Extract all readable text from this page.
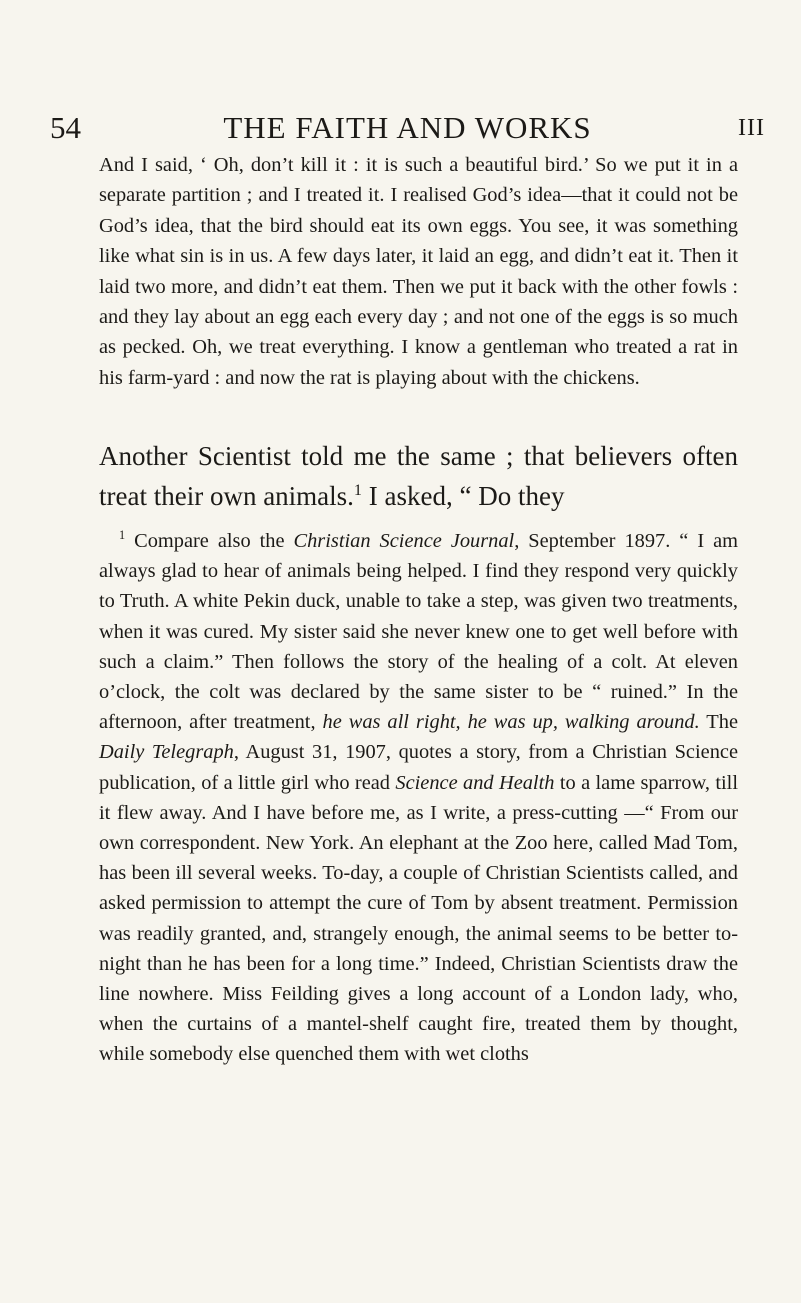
54	THE FAITH AND WORKS	III

And I said, ‘ Oh, don’t kill it : it is such a beautiful bird.’ So we put it in a separate partition ; and I treated it. I realised God’s idea—that it could not be God’s idea, that the bird should eat its own eggs. You see, it was something like what sin is in us. A few days later, it laid an egg, and didn’t eat it. Then it laid two more, and didn’t eat them. Then we put it back with the other fowls : and they lay about an egg each every day ; and not one of the eggs is so much as pecked. Oh, we treat everything. I know a gentleman who treated a rat in his farm-yard : and now the rat is playing about with the chickens.

Another Scientist told me the same ; that believers often treat their own animals.$^1$ I asked, “ Do they

$^1$ Compare also the Christian Science Journal, September 1897. “ I am always glad to hear of animals being helped. I find they respond very quickly to Truth. A white Pekin duck, unable to take a step, was given two treatments, when it was cured. My sister said she never knew one to get well before with such a claim.” Then follows the story of the healing of a colt. At eleven o’clock, the colt was declared by the same sister to be “ ruined.” In the afternoon, after treatment, he was all right, he was up, walking around. The Daily Telegraph, August 31, 1907, quotes a story, from a Christian Science publication, of a little girl who read Science and Health to a lame sparrow, till it flew away. And I have before me, as I write, a press-cutting —“ From our own correspondent. New York. An elephant at the Zoo here, called Mad Tom, has been ill several weeks. To-day, a couple of Christian Scientists called, and asked permission to attempt the cure of Tom by absent treatment. Permission was readily granted, and, strangely enough, the animal seems to be better to-night than he has been for a long time.” Indeed, Christian Scientists draw the line nowhere. Miss Feilding gives a long account of a London lady, who, when the curtains of a mantel-shelf caught fire, treated them by thought, while somebody else quenched them with wet cloths
